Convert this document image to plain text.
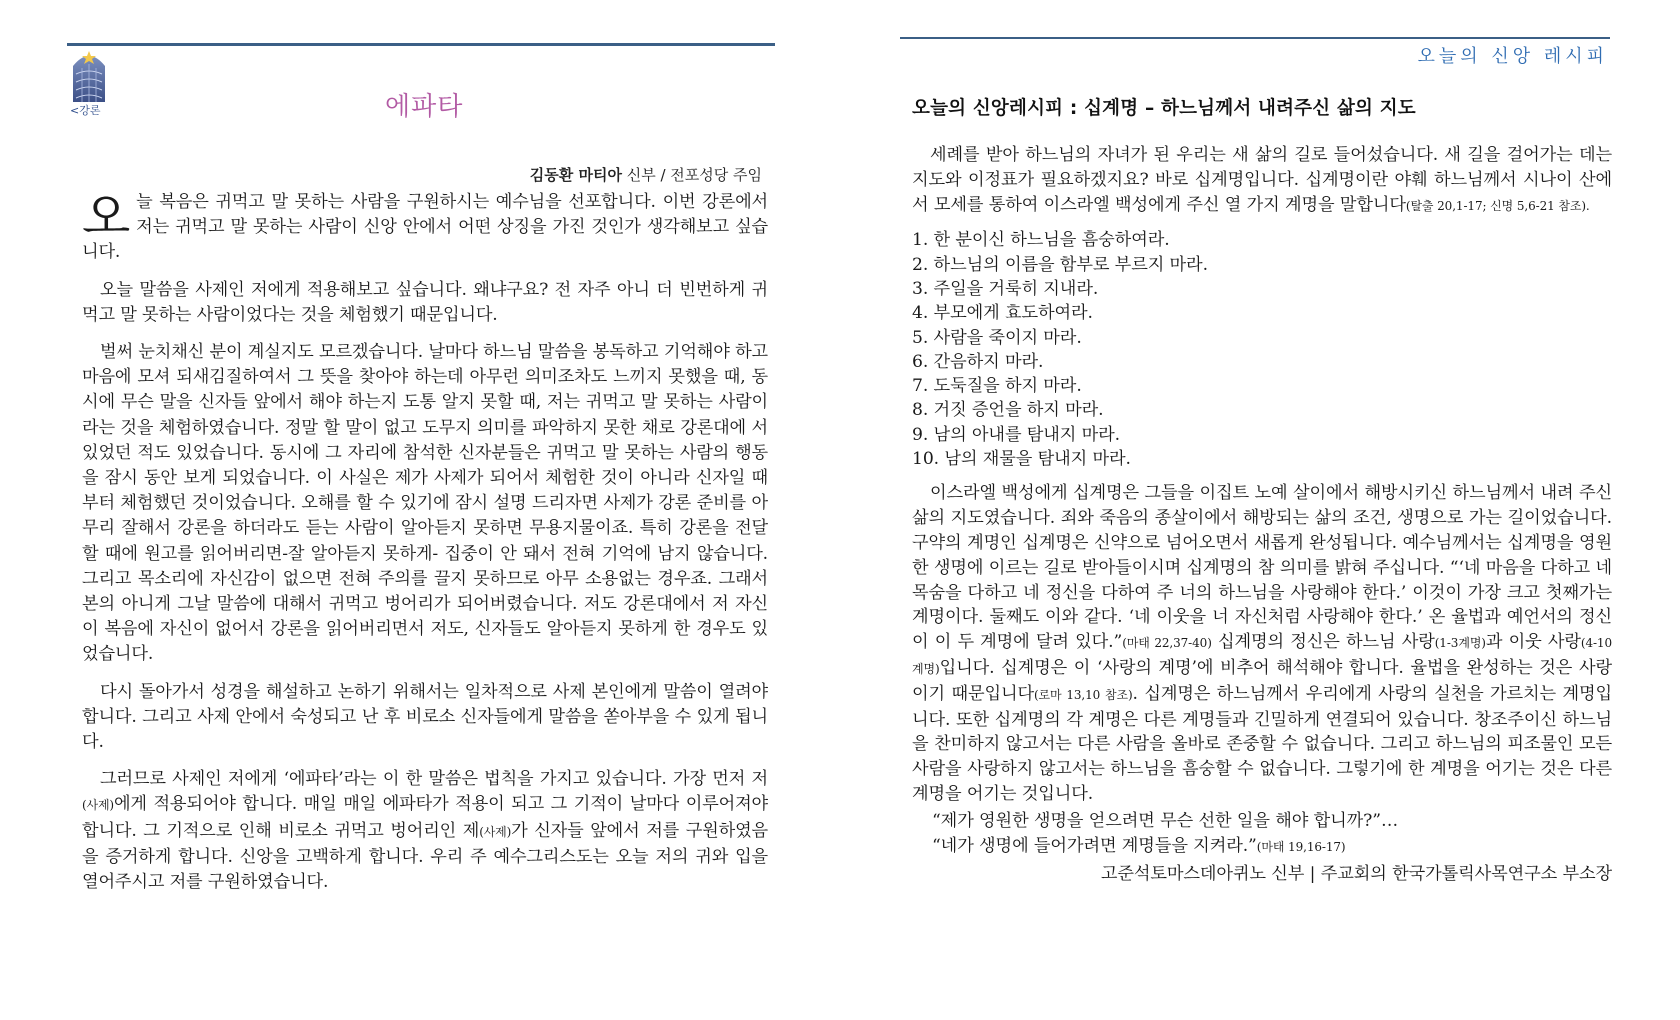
<강론	에파타
김동환 마티아 신부 / 전포성당 주임

오늘 복음은 귀먹고 말 못하는 사람을 구원하시는 예수님을 선포합니다. 이번 강론에서 저는 귀먹고 말 못하는 사람이 신앙 안에서 어떤 상징을 가진 것인가 생각해보고 싶습니다.

오늘 말씀을 사제인 저에게 적용해보고 싶습니다. 왜냐구요? 전 자주 아니 더 빈번하게 귀먹고 말 못하는 사람이었다는 것을 체험했기 때문입니다.

벌써 눈치채신 분이 계실지도 모르겠습니다. 날마다 하느님 말씀을 봉독하고 기억해야 하고 마음에 모셔 되새김질하여서 그 뜻을 찾아야 하는데 아무런 의미조차도 느끼지 못했을 때, 동시에 무슨 말을 신자들 앞에서 해야 하는지 도통 알지 못할 때, 저는 귀먹고 말 못하는 사람이라는 것을 체험하였습니다. 정말 할 말이 없고 도무지 의미를 파악하지 못한 채로 강론대에 서 있었던 적도 있었습니다. 동시에 그 자리에 참석한 신자분들은 귀먹고 말 못하는 사람의 행동을 잠시 동안 보게 되었습니다. 이 사실은 제가 사제가 되어서 체험한 것이 아니라 신자일 때부터 체험했던 것이었습니다. 오해를 할 수 있기에 잠시 설명 드리자면 사제가 강론 준비를 아무리 잘해서 강론을 하더라도 듣는 사람이 알아듣지 못하면 무용지물이죠. 특히 강론을 전달할 때에 원고를 읽어버리면-잘 알아듣지 못하게- 집중이 안 돼서 전혀 기억에 남지 않습니다. 그리고 목소리에 자신감이 없으면 전혀 주의를 끌지 못하므로 아무 소용없는 경우죠. 그래서 본의 아니게 그날 말씀에 대해서 귀먹고 벙어리가 되어버렸습니다. 저도 강론대에서 저 자신이 복음에 자신이 없어서 강론을 읽어버리면서 저도, 신자들도 알아듣지 못하게 한 경우도 있었습니다.

다시 돌아가서 성경을 해설하고 논하기 위해서는 일차적으로 사제 본인에게 말씀이 열려야 합니다. 그리고 사제 안에서 숙성되고 난 후 비로소 신자들에게 말씀을 쏟아부을 수 있게 됩니다.

그러므로 사제인 저에게 ‘에파타’라는 이 한 말씀은 법칙을 가지고 있습니다. 가장 먼저 저(사제)에게 적용되어야 합니다. 매일 매일 에파타가 적용이 되고 그 기적이 날마다 이루어져야 합니다. 그 기적으로 인해 비로소 귀먹고 벙어리인 제(사제)가 신자들 앞에서 저를 구원하였음을 증거하게 합니다. 신앙을 고백하게 합니다. 우리 주 예수그리스도는 오늘 저의 귀와 입을 열어주시고 저를 구원하였습니다.

오늘의 신앙 레시피
오늘의 신앙레시피 : 십계명 – 하느님께서 내려주신 삶의 지도

세례를 받아 하느님의 자녀가 된 우리는 새 삶의 길로 들어섰습니다. 새 길을 걸어가는 데는 지도와 이정표가 필요하겠지요? 바로 십계명입니다. 십계명이란 야훼 하느님께서 시나이 산에서 모세를 통하여 이스라엘 백성에게 주신 열 가지 계명을 말합니다(탈출 20,1-17; 신명 5,6-21 참조).

1. 한 분이신 하느님을 흠숭하여라.
2. 하느님의 이름을 함부로 부르지 마라.
3. 주일을 거룩히 지내라.
4. 부모에게 효도하여라.
5. 사람을 죽이지 마라.
6. 간음하지 마라.
7. 도둑질을 하지 마라.
8. 거짓 증언을 하지 마라.
9. 남의 아내를 탐내지 마라.
10. 남의 재물을 탐내지 마라.

이스라엘 백성에게 십계명은 그들을 이집트 노예 살이에서 해방시키신 하느님께서 내려 주신 삶의 지도였습니다. 죄와 죽음의 종살이에서 해방되는 삶의 조건, 생명으로 가는 길이었습니다. 구약의 계명인 십계명은 신약으로 넘어오면서 새롭게 완성됩니다. 예수님께서는 십계명을 영원한 생명에 이르는 길로 받아들이시며 십계명의 참 의미를 밝혀 주십니다. “‘네 마음을 다하고 네 목숨을 다하고 네 정신을 다하여 주 너의 하느님을 사랑해야 한다.’ 이것이 가장 크고 첫째가는 계명이다. 둘째도 이와 같다. ‘네 이웃을 너 자신처럼 사랑해야 한다.’ 온 율법과 예언서의 정신이 이 두 계명에 달려 있다.”(마태 22,37-40) 십계명의 정신은 하느님 사랑(1-3계명)과 이웃 사랑(4-10계명)입니다. 십계명은 이 ‘사랑의 계명’에 비추어 해석해야 합니다. 율법을 완성하는 것은 사랑이기 때문입니다(로마 13,10 참조). 십계명은 하느님께서 우리에게 사랑의 실천을 가르치는 계명입니다. 또한 십계명의 각 계명은 다른 계명들과 긴밀하게 연결되어 있습니다. 창조주이신 하느님을 찬미하지 않고서는 다른 사람을 올바로 존중할 수 없습니다. 그리고 하느님의 피조물인 모든 사람을 사랑하지 않고서는 하느님을 흠숭할 수 없습니다. 그렇기에 한 계명을 어기는 것은 다른 계명을 어기는 것입니다.

“제가 영원한 생명을 얻으려면 무슨 선한 일을 해야 합니까?”…
“네가 생명에 들어가려면 계명들을 지켜라.”(마태 19,16-17)
고준석토마스데아퀴노 신부 | 주교회의 한국가톨릭사목연구소 부소장
